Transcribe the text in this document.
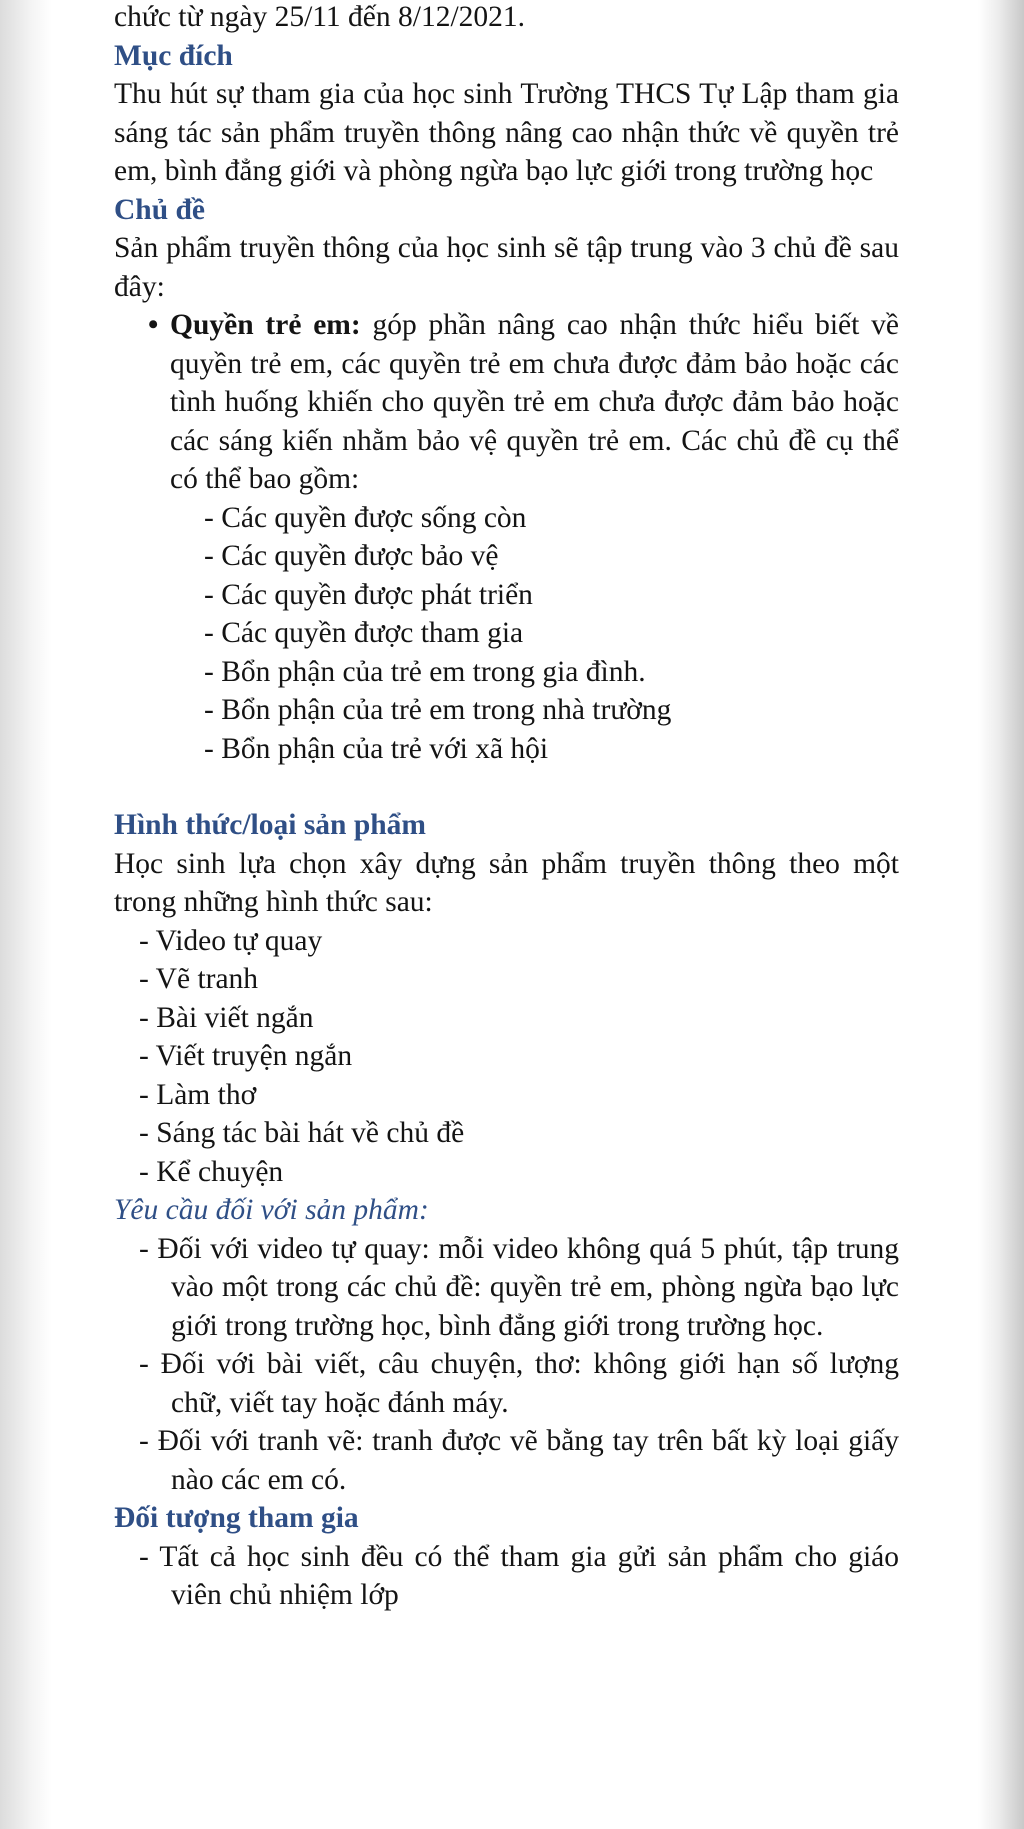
chức từ ngày 25/11 đến 8/12/2021.

Mục đích

Thu hút sự tham gia của học sinh Trường THCS Tự Lập tham gia sáng tác sản phẩm truyền thông nâng cao nhận thức về quyền trẻ em, bình đẳng giới và phòng ngừa bạo lực giới trong trường học

Chủ đề

Sản phẩm truyền thông của học sinh sẽ tập trung vào 3 chủ đề sau đây:

• Quyền trẻ em: góp phần nâng cao nhận thức hiểu biết về quyền trẻ em, các quyền trẻ em chưa được đảm bảo hoặc các tình huống khiến cho quyền trẻ em chưa được đảm bảo hoặc các sáng kiến nhằm bảo vệ quyền trẻ em. Các chủ đề cụ thể có thể bao gồm:
- Các quyền được sống còn
- Các quyền được bảo vệ
- Các quyền được phát triển
- Các quyền được tham gia
- Bổn phận của trẻ em trong gia đình.
- Bổn phận của trẻ em trong nhà trường
- Bổn phận của trẻ với xã hội

Hình thức/loại sản phẩm

Học sinh lựa chọn xây dựng sản phẩm truyền thông theo một trong những hình thức sau:

- Video tự quay
- Vẽ tranh
- Bài viết ngắn
- Viết truyện ngắn
- Làm thơ
- Sáng tác bài hát về chủ đề
- Kể chuyện

Yêu cầu đối với sản phẩm:

- Đối với video tự quay: mỗi video không quá 5 phút, tập trung vào một trong các chủ đề: quyền trẻ em, phòng ngừa bạo lực giới trong trường học, bình đẳng giới trong trường học.

- Đối với bài viết, câu chuyện, thơ: không giới hạn số lượng chữ, viết tay hoặc đánh máy.

- Đối với tranh vẽ: tranh được vẽ bằng tay trên bất kỳ loại giấy nào các em có.

Đối tượng tham gia

- Tất cả học sinh đều có thể tham gia gửi sản phẩm cho giáo viên chủ nhiệm lớp
